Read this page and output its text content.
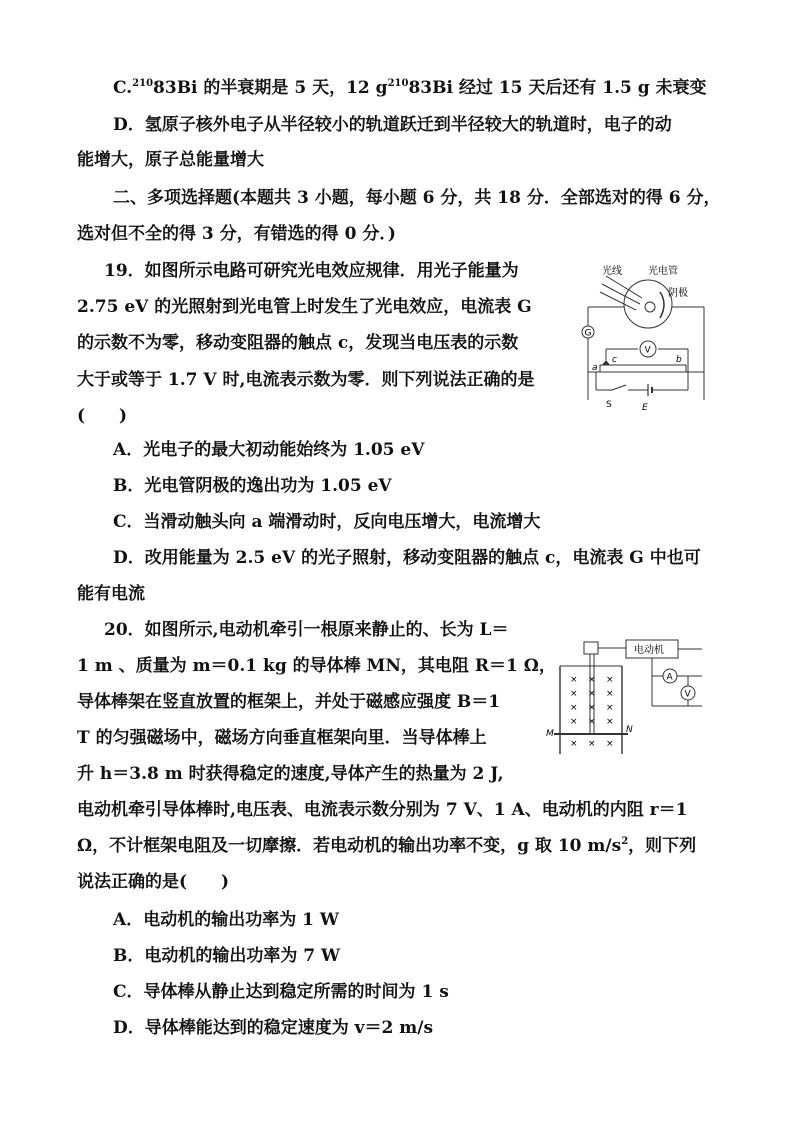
C.$^{210}$83Bi 的半衰期是 5 天，12 $g^{210}83Bi$ 经过 15 天后还有 1.5 g 未衰变
D．氢原子核外电子从半径较小的轨道跃迁到半径较大的轨道时，电子的动
能增大，原子总能量增大
二、多项选择题(本题共 3 小题，每小题 6 分，共 18 分．全部选对的得 6 分，
选对但不全的得 3 分，有错选的得 0 分．)
19．如图所示电路可研究光电效应规律．用光子能量为
2.75 eV 的光照射到光电管上时发生了光电效应，电流表 G
的示数不为零，移动变阻器的触点 c，发现当电压表的示数
大于或等于 1.7 V 时,电流表示数为零．则下列说法正确的是
(　　)
光线	光电管
阴极
G
V
a
c	b
S	E
A．光电子的最大初动能始终为 1.05 eV
B．光电管阴极的逸出功为 1.05 eV
C．当滑动触头向 a 端滑动时，反向电压增大，电流增大
D．改用能量为 2.5 eV 的光子照射，移动变阻器的触点 c，电流表 G 中也可
能有电流
20．如图所示,电动机牵引一根原来静止的、长为 L＝
1 m 、质量为 m＝0.1 kg 的导体棒 MN，其电阻 R＝1 Ω，
导体棒架在竖直放置的框架上，并处于磁感应强度 B＝1
T 的匀强磁场中，磁场方向垂直框架向里．当导体棒上
升 h＝3.8 m 时获得稳定的速度,导体产生的热量为 2 J,
电动机牵引导体棒时,电压表、电流表示数分别为 7 V、1 A、电动机的内阻 r＝1
Ω，不计框架电阻及一切摩擦．若电动机的输出功率不变，g 取 10 $m/s^2$，则下列
说法正确的是(　　)
电动机
M	N
× × ×
× × ×
× × ×
× × ×
× × ×
A
V
A．电动机的输出功率为 1 W
B．电动机的输出功率为 7 W
C．导体棒从静止达到稳定所需的时间为 1 s
D．导体棒能达到的稳定速度为 v＝2 m/s
